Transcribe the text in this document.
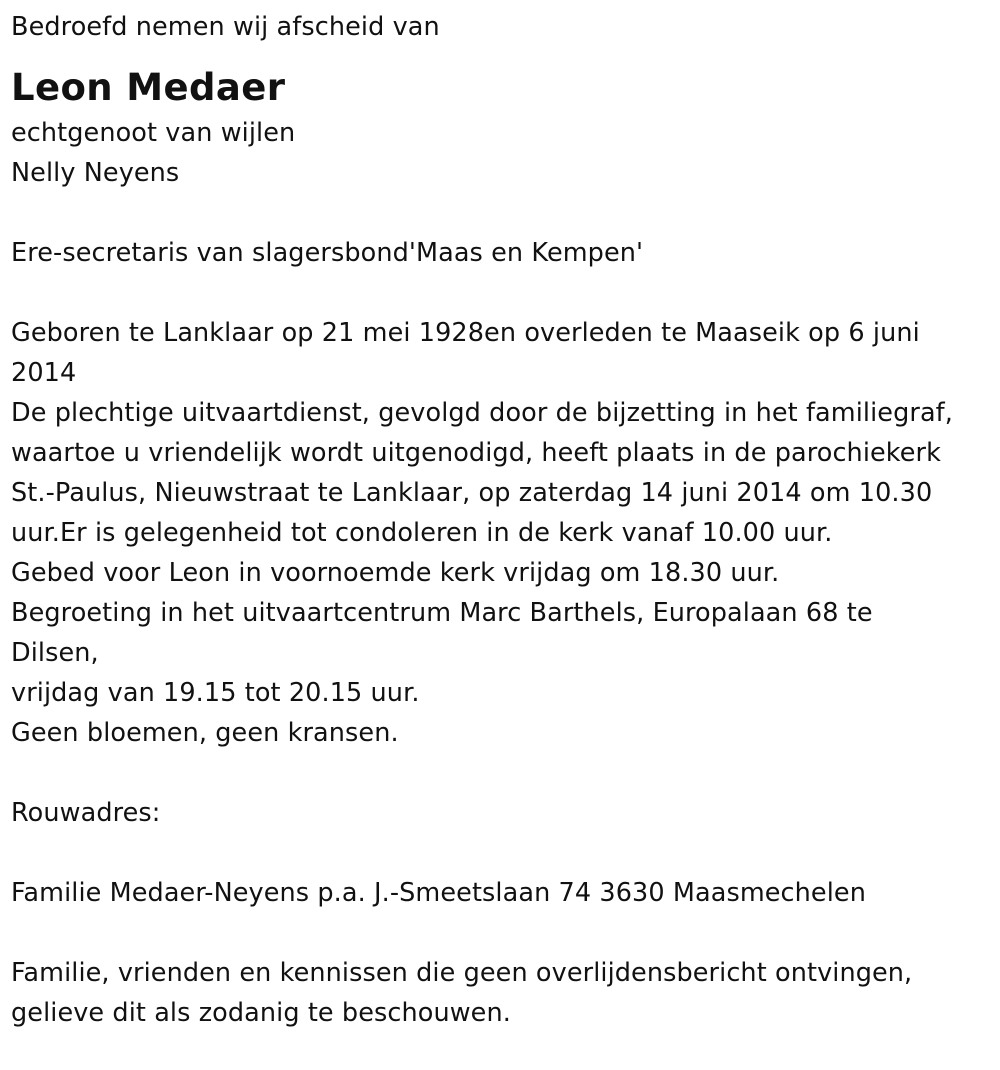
Bedroefd nemen wij afscheid van
Leon Medaer
echtgenoot van wijlen
Nelly Neyens
Ere-secretaris van slagersbond'Maas en Kempen'
Geboren te Lanklaar op 21 mei 1928en overleden te Maaseik op 6 juni
2014
De plechtige uitvaartdienst, gevolgd door de bijzetting in het familiegraf,
waartoe u vriendelijk wordt uitgenodigd, heeft plaats in de parochiekerk
St.-Paulus, Nieuwstraat te Lanklaar, op zaterdag 14 juni 2014 om 10.30
uur.Er is gelegenheid tot condoleren in de kerk vanaf 10.00 uur.
Gebed voor Leon in voornoemde kerk vrijdag om 18.30 uur.
Begroeting in het uitvaartcentrum Marc Barthels, Europalaan 68 te
Dilsen,
vrijdag van 19.15 tot 20.15 uur.
Geen bloemen, geen kransen.
Rouwadres:
Familie Medaer-Neyens p.a. J.-Smeetslaan 74 3630 Maasmechelen
Familie, vrienden en kennissen die geen overlijdensbericht ontvingen,
gelieve dit als zodanig te beschouwen.
